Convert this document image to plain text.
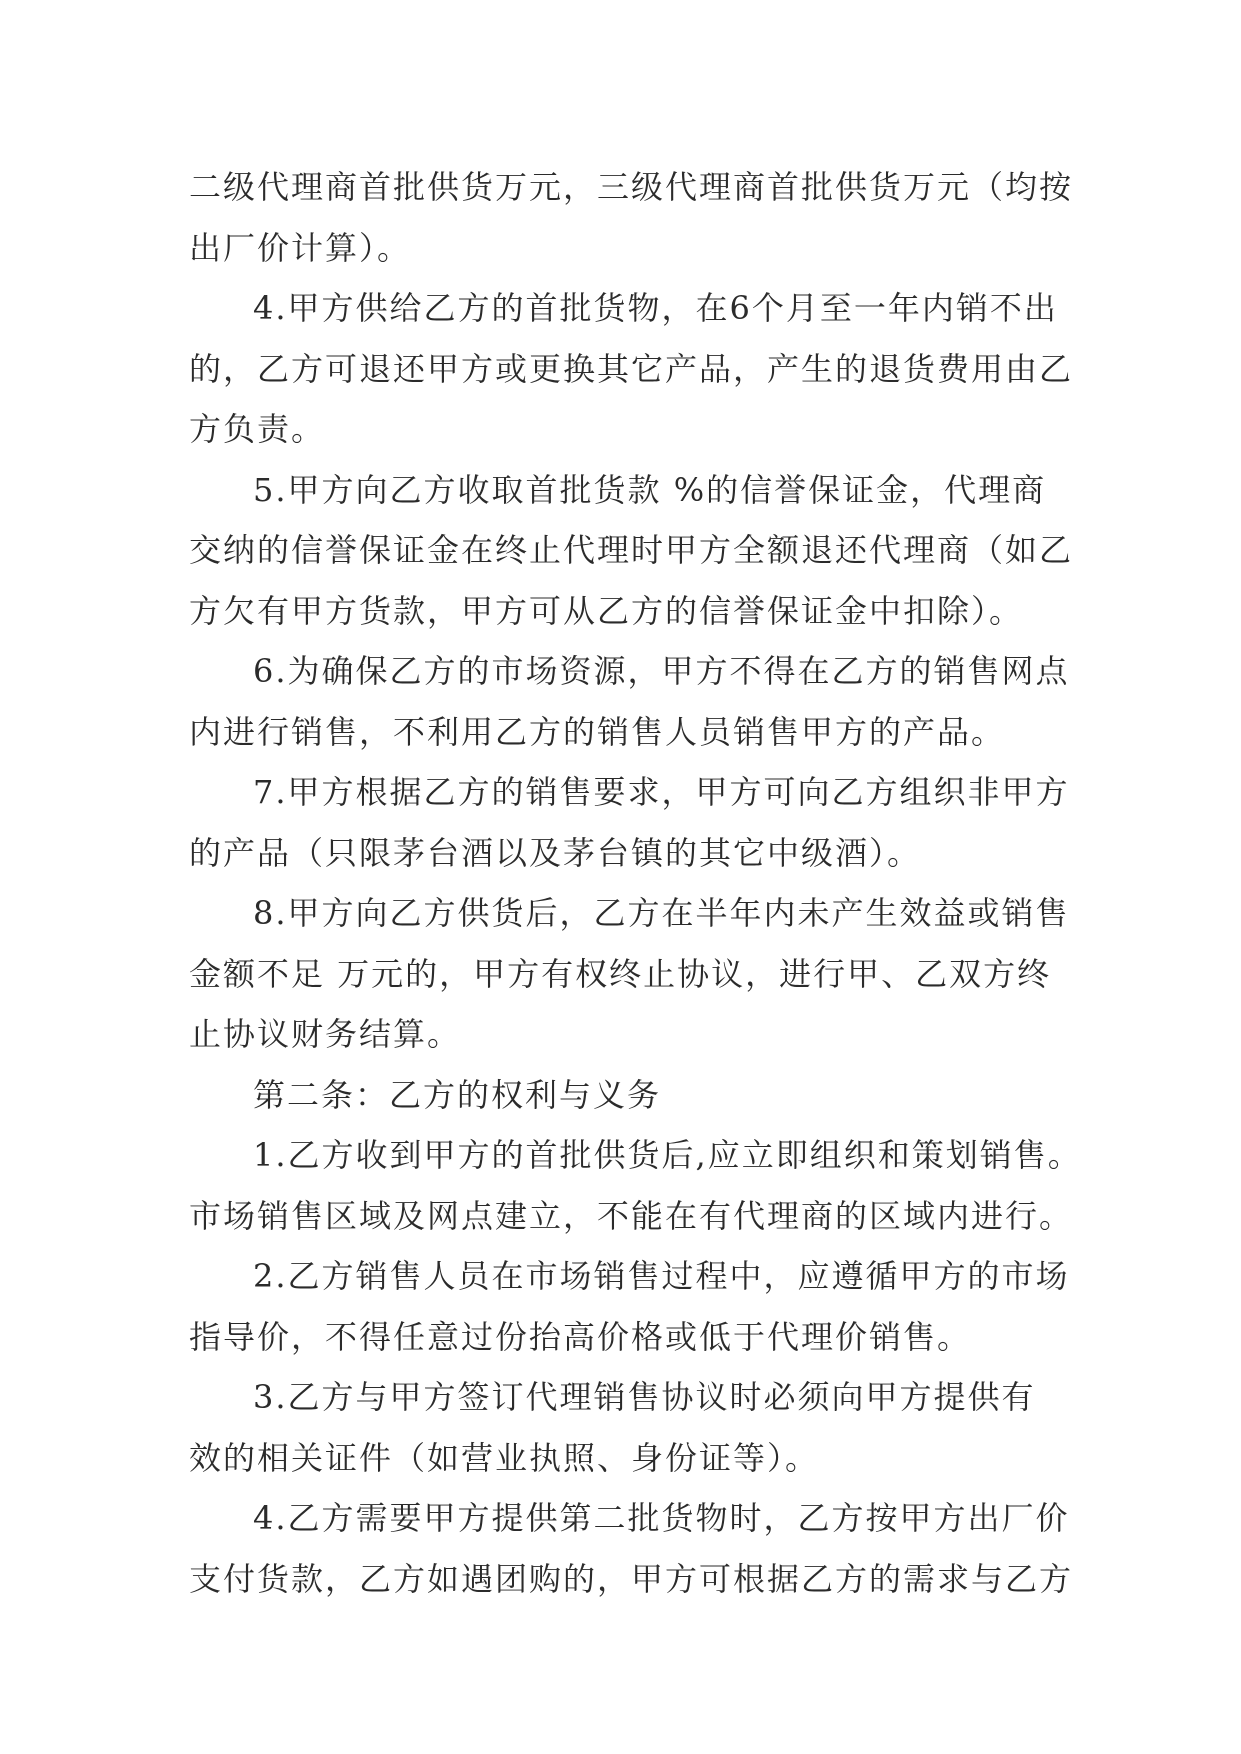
二级代理商首批供货万元，三级代理商首批供货万元（均按
出厂价计算）。
4.甲方供给乙方的首批货物，在6个月至一年内销不出
的，乙方可退还甲方或更换其它产品，产生的退货费用由乙
方负责。
5.甲方向乙方收取首批货款 %的信誉保证金，代理商
交纳的信誉保证金在终止代理时甲方全额退还代理商（如乙
方欠有甲方货款，甲方可从乙方的信誉保证金中扣除）。
6.为确保乙方的市场资源，甲方不得在乙方的销售网点
内进行销售，不利用乙方的销售人员销售甲方的产品。
7.甲方根据乙方的销售要求，甲方可向乙方组织非甲方
的产品（只限茅台酒以及茅台镇的其它中级酒）。
8.甲方向乙方供货后，乙方在半年内未产生效益或销售
金额不足 万元的，甲方有权终止协议，进行甲、乙双方终
止协议财务结算。
第二条：乙方的权利与义务
1.乙方收到甲方的首批供货后,应立即组织和策划销售。
市场销售区域及网点建立，不能在有代理商的区域内进行。
2.乙方销售人员在市场销售过程中，应遵循甲方的市场
指导价，不得任意过份抬高价格或低于代理价销售。
3.乙方与甲方签订代理销售协议时必须向甲方提供有
效的相关证件（如营业执照、身份证等）。
4.乙方需要甲方提供第二批货物时，乙方按甲方出厂价
支付货款，乙方如遇团购的，甲方可根据乙方的需求与乙方
